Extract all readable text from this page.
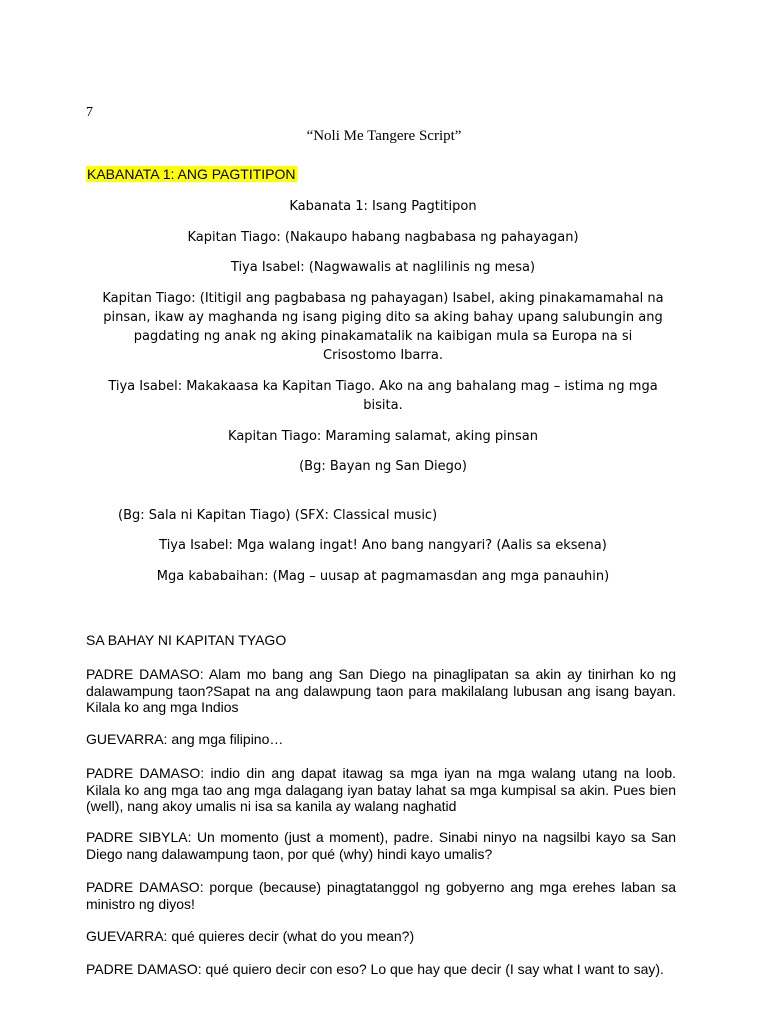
7
“Noli Me Tangere Script”
KABANATA 1: ANG PAGTITIPON
Kabanata 1: Isang Pagtitipon
Kapitan Tiago: (Nakaupo habang nagbabasa ng pahayagan)
Tiya Isabel: (Nagwawalis at naglilinis ng mesa)
Kapitan Tiago: (Ititigil ang pagbabasa ng pahayagan) Isabel, aking pinakamamahal na pinsan, ikaw ay maghanda ng isang piging dito sa aking bahay upang salubungin ang pagdating ng anak ng aking pinakamatalik na kaibigan mula sa Europa na si Crisostomo Ibarra.
Tiya Isabel: Makakaasa ka Kapitan Tiago. Ako na ang bahalang mag – istima ng mga bisita.
Kapitan Tiago: Maraming salamat, aking pinsan
(Bg: Bayan ng San Diego)
(Bg: Sala ni Kapitan Tiago) (SFX: Classical music)
Tiya Isabel: Mga walang ingat! Ano bang nangyari? (Aalis sa eksena)
Mga kababaihan: (Mag – uusap at pagmamasdan ang mga panauhin)
SA BAHAY NI KAPITAN TYAGO
PADRE DAMASO: Alam mo bang ang San Diego na pinaglipatan sa akin ay tinirhan ko ng dalawampung taon?Sapat na ang dalawpung taon para makilalang lubusan ang isang bayan. Kilala ko ang mga Indios
GUEVARRA: ang mga filipino…
PADRE DAMASO: indio din ang dapat itawag sa mga iyan na mga walang utang na loob. Kilala ko ang mga tao ang mga dalagang iyan batay lahat sa mga kumpisal sa akin. Pues bien (well), nang akoy umalis ni isa sa kanila ay walang naghatid
PADRE SIBYLA: Un momento (just a moment), padre. Sinabi ninyo na nagsilbi kayo sa San Diego nang dalawampung taon, por qué (why) hindi kayo umalis?
PADRE DAMASO: porque (because) pinagtatanggol ng gobyerno ang mga erehes laban sa ministro ng diyos!
GUEVARRA: qué quieres decir (what do you mean?)
PADRE DAMASO: qué quiero decir con eso? Lo que hay que decir (I say what I want to say).
